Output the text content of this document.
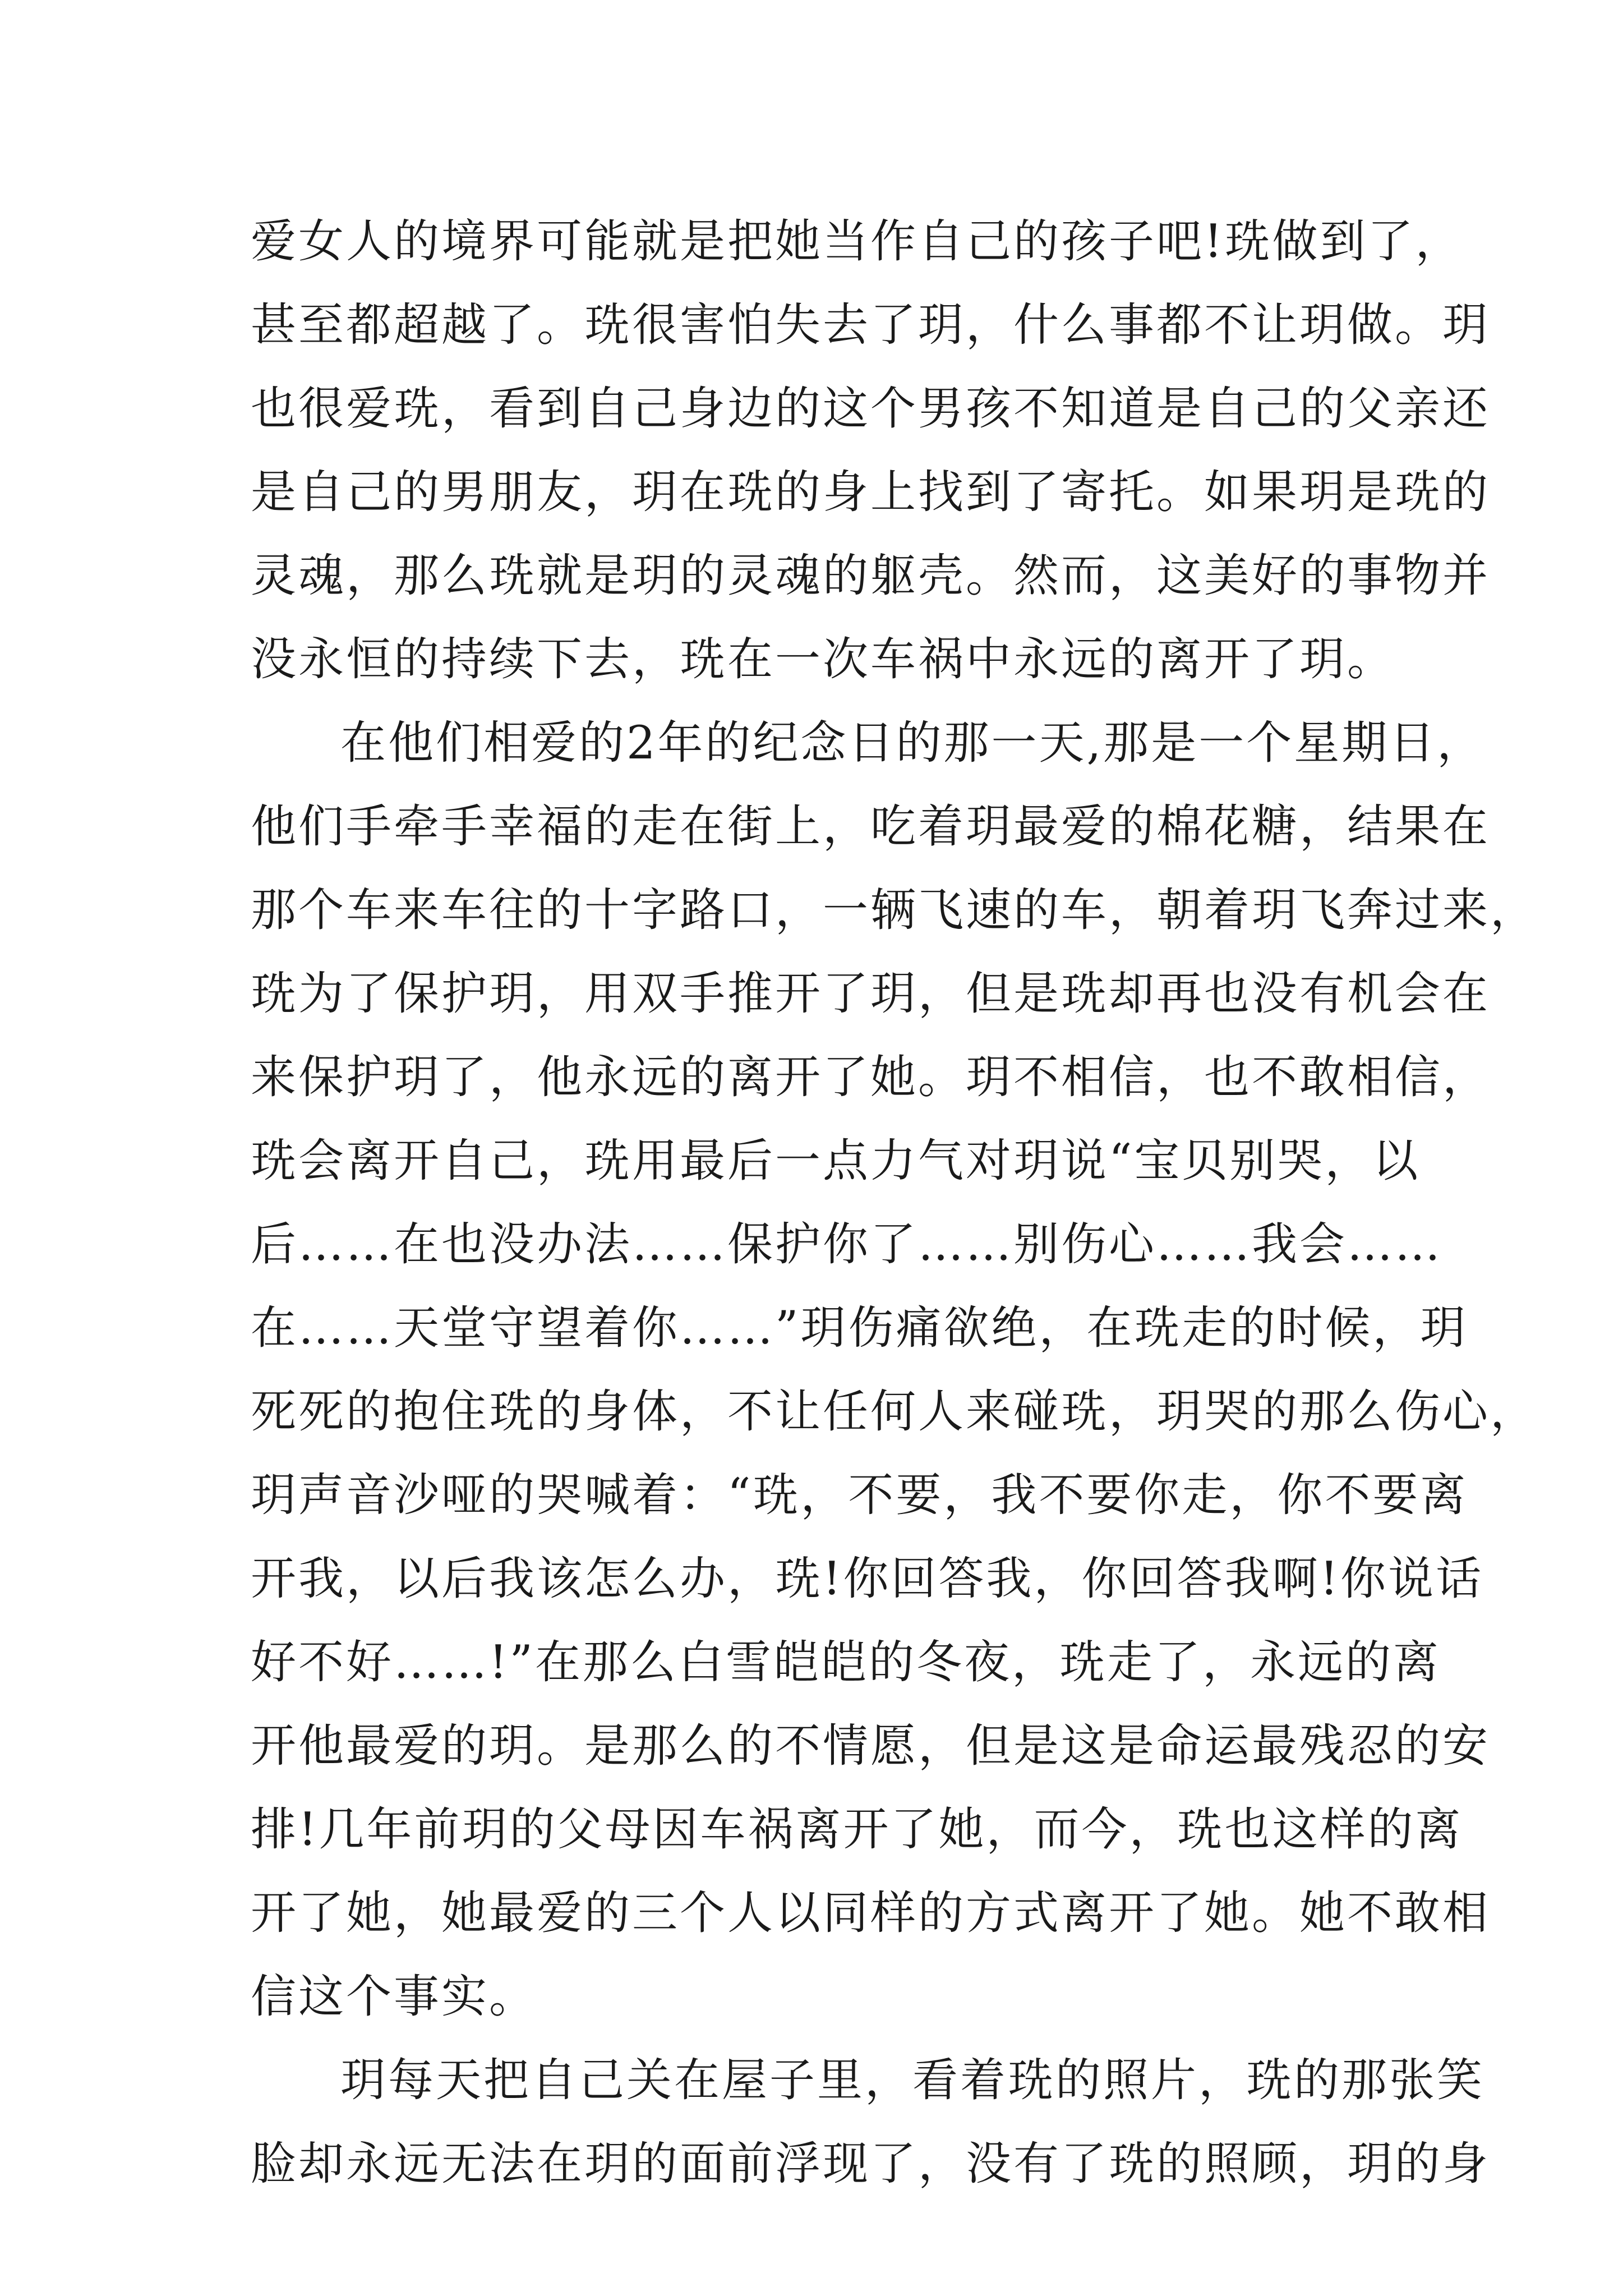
爱女人的境界可能就是把她当作自己的孩子吧!珗做到了，
甚至都超越了。珗很害怕失去了玥，什么事都不让玥做。玥
也很爱珗，看到自己身边的这个男孩不知道是自己的父亲还
是自己的男朋友，玥在珗的身上找到了寄托。如果玥是珗的
灵魂，那么珗就是玥的灵魂的躯壳。然而，这美好的事物并
没永恒的持续下去，珗在一次车祸中永远的离开了玥。
在他们相爱的2年的纪念日的那一天,那是一个星期日，
他们手牵手幸福的走在街上，吃着玥最爱的棉花糖，结果在
那个车来车往的十字路口，一辆飞速的车，朝着玥飞奔过来，
珗为了保护玥，用双手推开了玥，但是珗却再也没有机会在
来保护玥了，他永远的离开了她。玥不相信，也不敢相信，
珗会离开自己，珗用最后一点力气对玥说“宝贝别哭，以
后……在也没办法……保护你了……别伤心……我会……
在……天堂守望着你……”玥伤痛欲绝，在珗走的时候，玥
死死的抱住珗的身体，不让任何人来碰珗，玥哭的那么伤心，
玥声音沙哑的哭喊着：“珗，不要，我不要你走，你不要离
开我，以后我该怎么办，珗!你回答我，你回答我啊!你说话
好不好……!”在那么白雪皑皑的冬夜，珗走了，永远的离
开他最爱的玥。是那么的不情愿，但是这是命运最残忍的安
排!几年前玥的父母因车祸离开了她，而今，珗也这样的离
开了她，她最爱的三个人以同样的方式离开了她。她不敢相
信这个事实。
玥每天把自己关在屋子里，看着珗的照片，珗的那张笑
脸却永远无法在玥的面前浮现了，没有了珗的照顾，玥的身
